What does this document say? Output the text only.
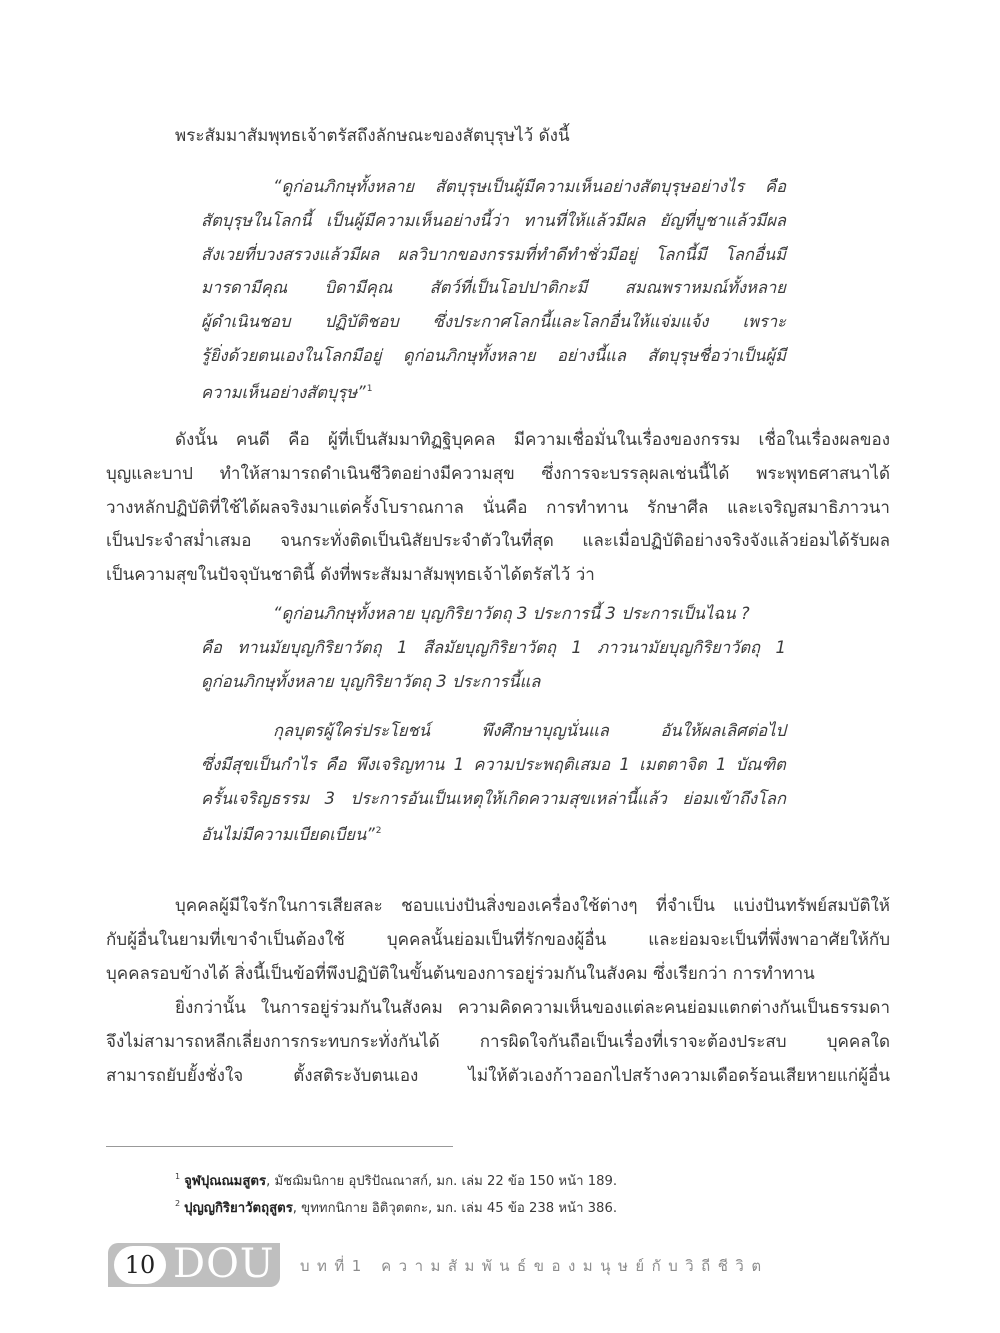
พระสัมมาสัมพุทธเจ้าตรัสถึงลักษณะของสัตบุรุษไว้ ดังนี้
“ดูก่อนภิกษุทั้งหลาย สัตบุรุษเป็นผู้มีความเห็นอย่างสัตบุรุษอย่างไร คือ
สัตบุรุษในโลกนี้ เป็นผู้มีความเห็นอย่างนี้ว่า ทานที่ให้แล้วมีผล ยัญที่บูชาแล้วมีผล
สังเวยที่บวงสรวงแล้วมีผล ผลวิบากของกรรมที่ทำดีทำชั่วมีอยู่ โลกนี้มี โลกอื่นมี
มารดามีคุณ บิดามีคุณ สัตว์ที่เป็นโอปปาติกะมี สมณพราหมณ์ทั้งหลาย
ผู้ดำเนินชอบ ปฏิบัติชอบ ซึ่งประกาศโลกนี้และโลกอื่นให้แจ่มแจ้ง เพราะ
รู้ยิ่งด้วยตนเองในโลกมีอยู่ ดูก่อนภิกษุทั้งหลาย อย่างนี้แล สัตบุรุษชื่อว่าเป็นผู้มี
ความเห็นอย่างสัตบุรุษ”$^1$
ดังนั้น คนดี คือ ผู้ที่เป็นสัมมาทิฏฐิบุคคล มีความเชื่อมั่นในเรื่องของกรรม เชื่อในเรื่องผลของ
บุญและบาป ทำให้สามารถดำเนินชีวิตอย่างมีความสุข ซึ่งการจะบรรลุผลเช่นนี้ได้ พระพุทธศาสนาได้
วางหลักปฏิบัติที่ใช้ได้ผลจริงมาแต่ครั้งโบราณกาล นั่นคือ การทำทาน รักษาศีล และเจริญสมาธิภาวนา
เป็นประจำสม่ำเสมอ จนกระทั่งติดเป็นนิสัยประจำตัวในที่สุด และเมื่อปฏิบัติอย่างจริงจังแล้วย่อมได้รับผล
เป็นความสุขในปัจจุบันชาตินี้ ดังที่พระสัมมาสัมพุทธเจ้าได้ตรัสไว้ ว่า
“ดูก่อนภิกษุทั้งหลาย บุญกิริยาวัตถุ 3 ประการนี้ 3 ประการเป็นไฉน ?
คือ ทานมัยบุญกิริยาวัตถุ 1 สีลมัยบุญกิริยาวัตถุ 1 ภาวนามัยบุญกิริยาวัตถุ 1
ดูก่อนภิกษุทั้งหลาย บุญกิริยาวัตถุ 3 ประการนี้แล
กุลบุตรผู้ใคร่ประโยชน์	พึงศึกษาบุญนั่นแล	อันให้ผลเลิศต่อไป
ซึ่งมีสุขเป็นกำไร คือ พึงเจริญทาน 1 ความประพฤติเสมอ 1 เมตตาจิต 1 บัณฑิต
ครั้นเจริญธรรม 3 ประการอันเป็นเหตุให้เกิดความสุขเหล่านี้แล้ว ย่อมเข้าถึงโลก
อันไม่มีความเบียดเบียน”$^2$
บุคคลผู้มีใจรักในการเสียสละ ชอบแบ่งปันสิ่งของเครื่องใช้ต่างๆ ที่จำเป็น แบ่งปันทรัพย์สมบัติให้
กับผู้อื่นในยามที่เขาจำเป็นต้องใช้ บุคคลนั้นย่อมเป็นที่รักของผู้อื่น และย่อมจะเป็นที่พึ่งพาอาศัยให้กับ
บุคคลรอบข้างได้ สิ่งนี้เป็นข้อที่พึงปฏิบัติในขั้นต้นของการอยู่ร่วมกันในสังคม ซึ่งเรียกว่า การทำทาน
ยิ่งกว่านั้น ในการอยู่ร่วมกันในสังคม ความคิดความเห็นของแต่ละคนย่อมแตกต่างกันเป็นธรรมดา
จึงไม่สามารถหลีกเลี่ยงการกระทบกระทั่งกันได้ การผิดใจกันถือเป็นเรื่องที่เราจะต้องประสบ บุคคลใด
สามารถยับยั้งชั่งใจ	ตั้งสติระงับตนเอง	ไม่ให้ตัวเองก้าวออกไปสร้างความเดือดร้อนเสียหายแก่ผู้อื่น
$^1$ จูฬปุณณมสูตร, มัชฌิมนิกาย อุปริปัณณาสก์, มก. เล่ม 22 ข้อ 150 หน้า 189.
$^2$ ปุญญกิริยาวัตถุสูตร, ขุททกนิกาย อิติวุตตกะ, มก. เล่ม 45 ข้อ 238 หน้า 386.
10 DOU บทที่1 ความสัมพันธ์ของมนุษย์กับวิถีชีวิต
